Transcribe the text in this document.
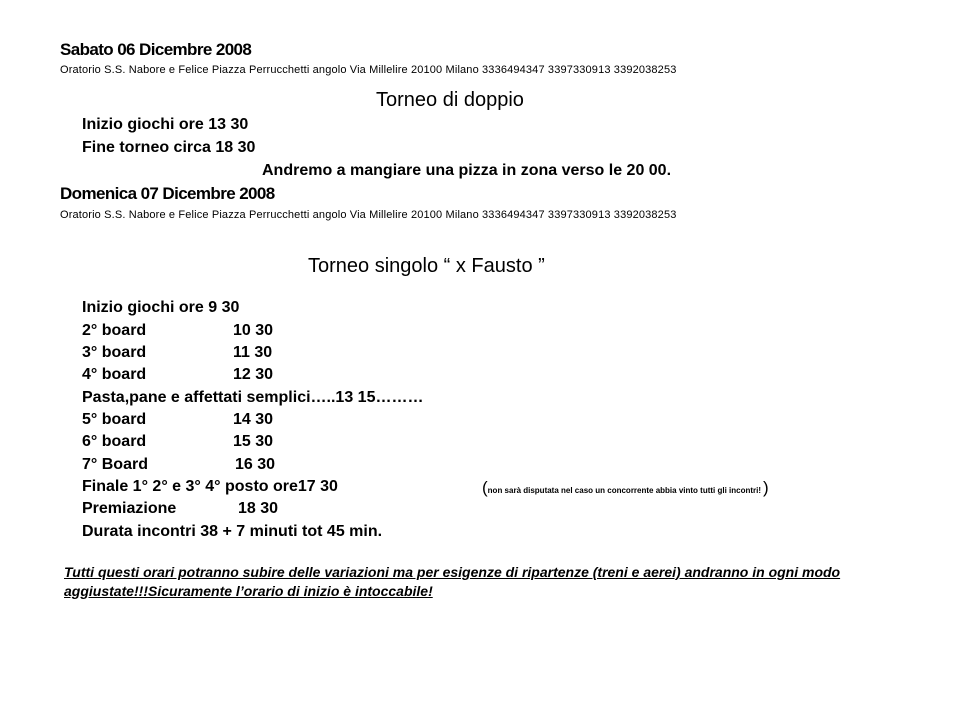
Sabato 06 Dicembre 2008
Oratorio S.S. Nabore e Felice Piazza Perrucchetti angolo Via Millelire 20100 Milano 3336494347 3397330913 3392038253
Torneo di doppio
Inizio giochi ore 13 30
Fine torneo circa 18 30
Andremo a mangiare una pizza in zona verso le 20 00.
Domenica 07 Dicembre 2008
Oratorio S.S. Nabore e Felice Piazza Perrucchetti angolo Via Millelire 20100 Milano 3336494347 3397330913 3392038253
Torneo singolo “ x Fausto ”
Inizio giochi ore 9 30
2° board	10 30
3° board	11 30
4° board	12 30
Pasta,pane e affettati semplici…..13 15………
5° board	14 30
6° board	15 30
7° Board	16 30
Finale 1° 2° e 3° 4° posto ore17 30	(non sarà disputata nel caso un concorrente abbia vinto tutti gli incontri! )
Premiazione	18 30
Durata incontri 38 + 7 minuti tot 45 min.
Tutti questi orari potranno subire delle variazioni ma per esigenze di ripartenze (treni e aerei) andranno in ogni modo aggiustate!!!Sicuramente l’orario di inizio è intoccabile!
